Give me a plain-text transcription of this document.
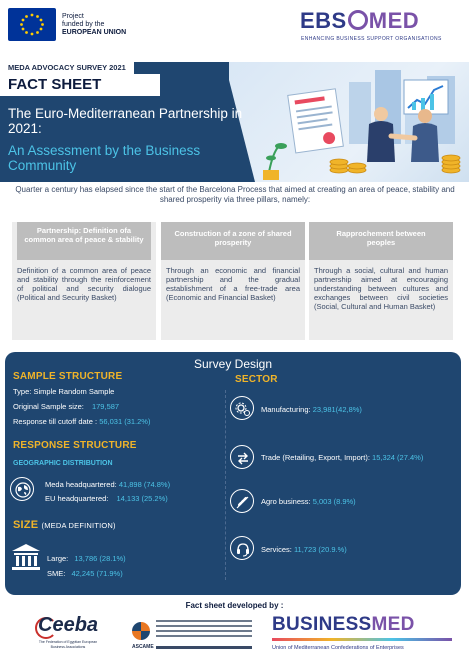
Project
funded by the
EUROPEAN UNION	EBS MED
ENHANCING BUSINESS SUPPORT ORGANISATIONS
MEDA ADVOCACY SURVEY 2021
FACT SHEET
The Euro-Mediterranean Partnership in 2021:
An Assessment by the Business Community
Quarter a century has elapsed since the start of the Barcelona Process that aimed at creating an area of peace, stability and shared prosperity via three pillars, namely:
Partnership: Definition ofa common area of peace & stability
Definition of a common area of peace and stability through the reinforcement of political and security dialogue (Political and Security Basket)
Construction of a zone of shared prosperity
Through an economic and financial partnership and the gradual establishment of a free-trade area (Economic and Financial Basket)
Rapprochement between peoples
Through a social, cultural and human partnership aimed at encouraging understanding between cultures and exchanges between civil societies (Social, Cultural and Human Basket)
Survey Design
SAMPLE STRUCTURE
Type: Simple Random Sample
Original Sample size: 179,587
Response till cutoff date : 56,031 (31.2%)
RESPONSE STRUCTURE
GEOGRAPHIC DISTRIBUTION
Meda headquartered: 41,898 (74.8%)
EU headquartered: 14,133 (25.2%)
SIZE (MEDA DEFINITION)
Large: 13,786 (28.1%)
SME: 42,245 (71.9%)
SECTOR
Manufacturing: 23,981(42,8%)
Trade (Retailing, Export, Import): 15,324 (27.4%)
Agro business: 5,003 (8.9%)
Services: 11,723 (20.9.%)
Fact sheet developed by :
Ceeba
The Federation of Egyptian European Business Associations	ASCAME
BUSINESSMED
Union of Mediterranean Confederations of Enterprises
